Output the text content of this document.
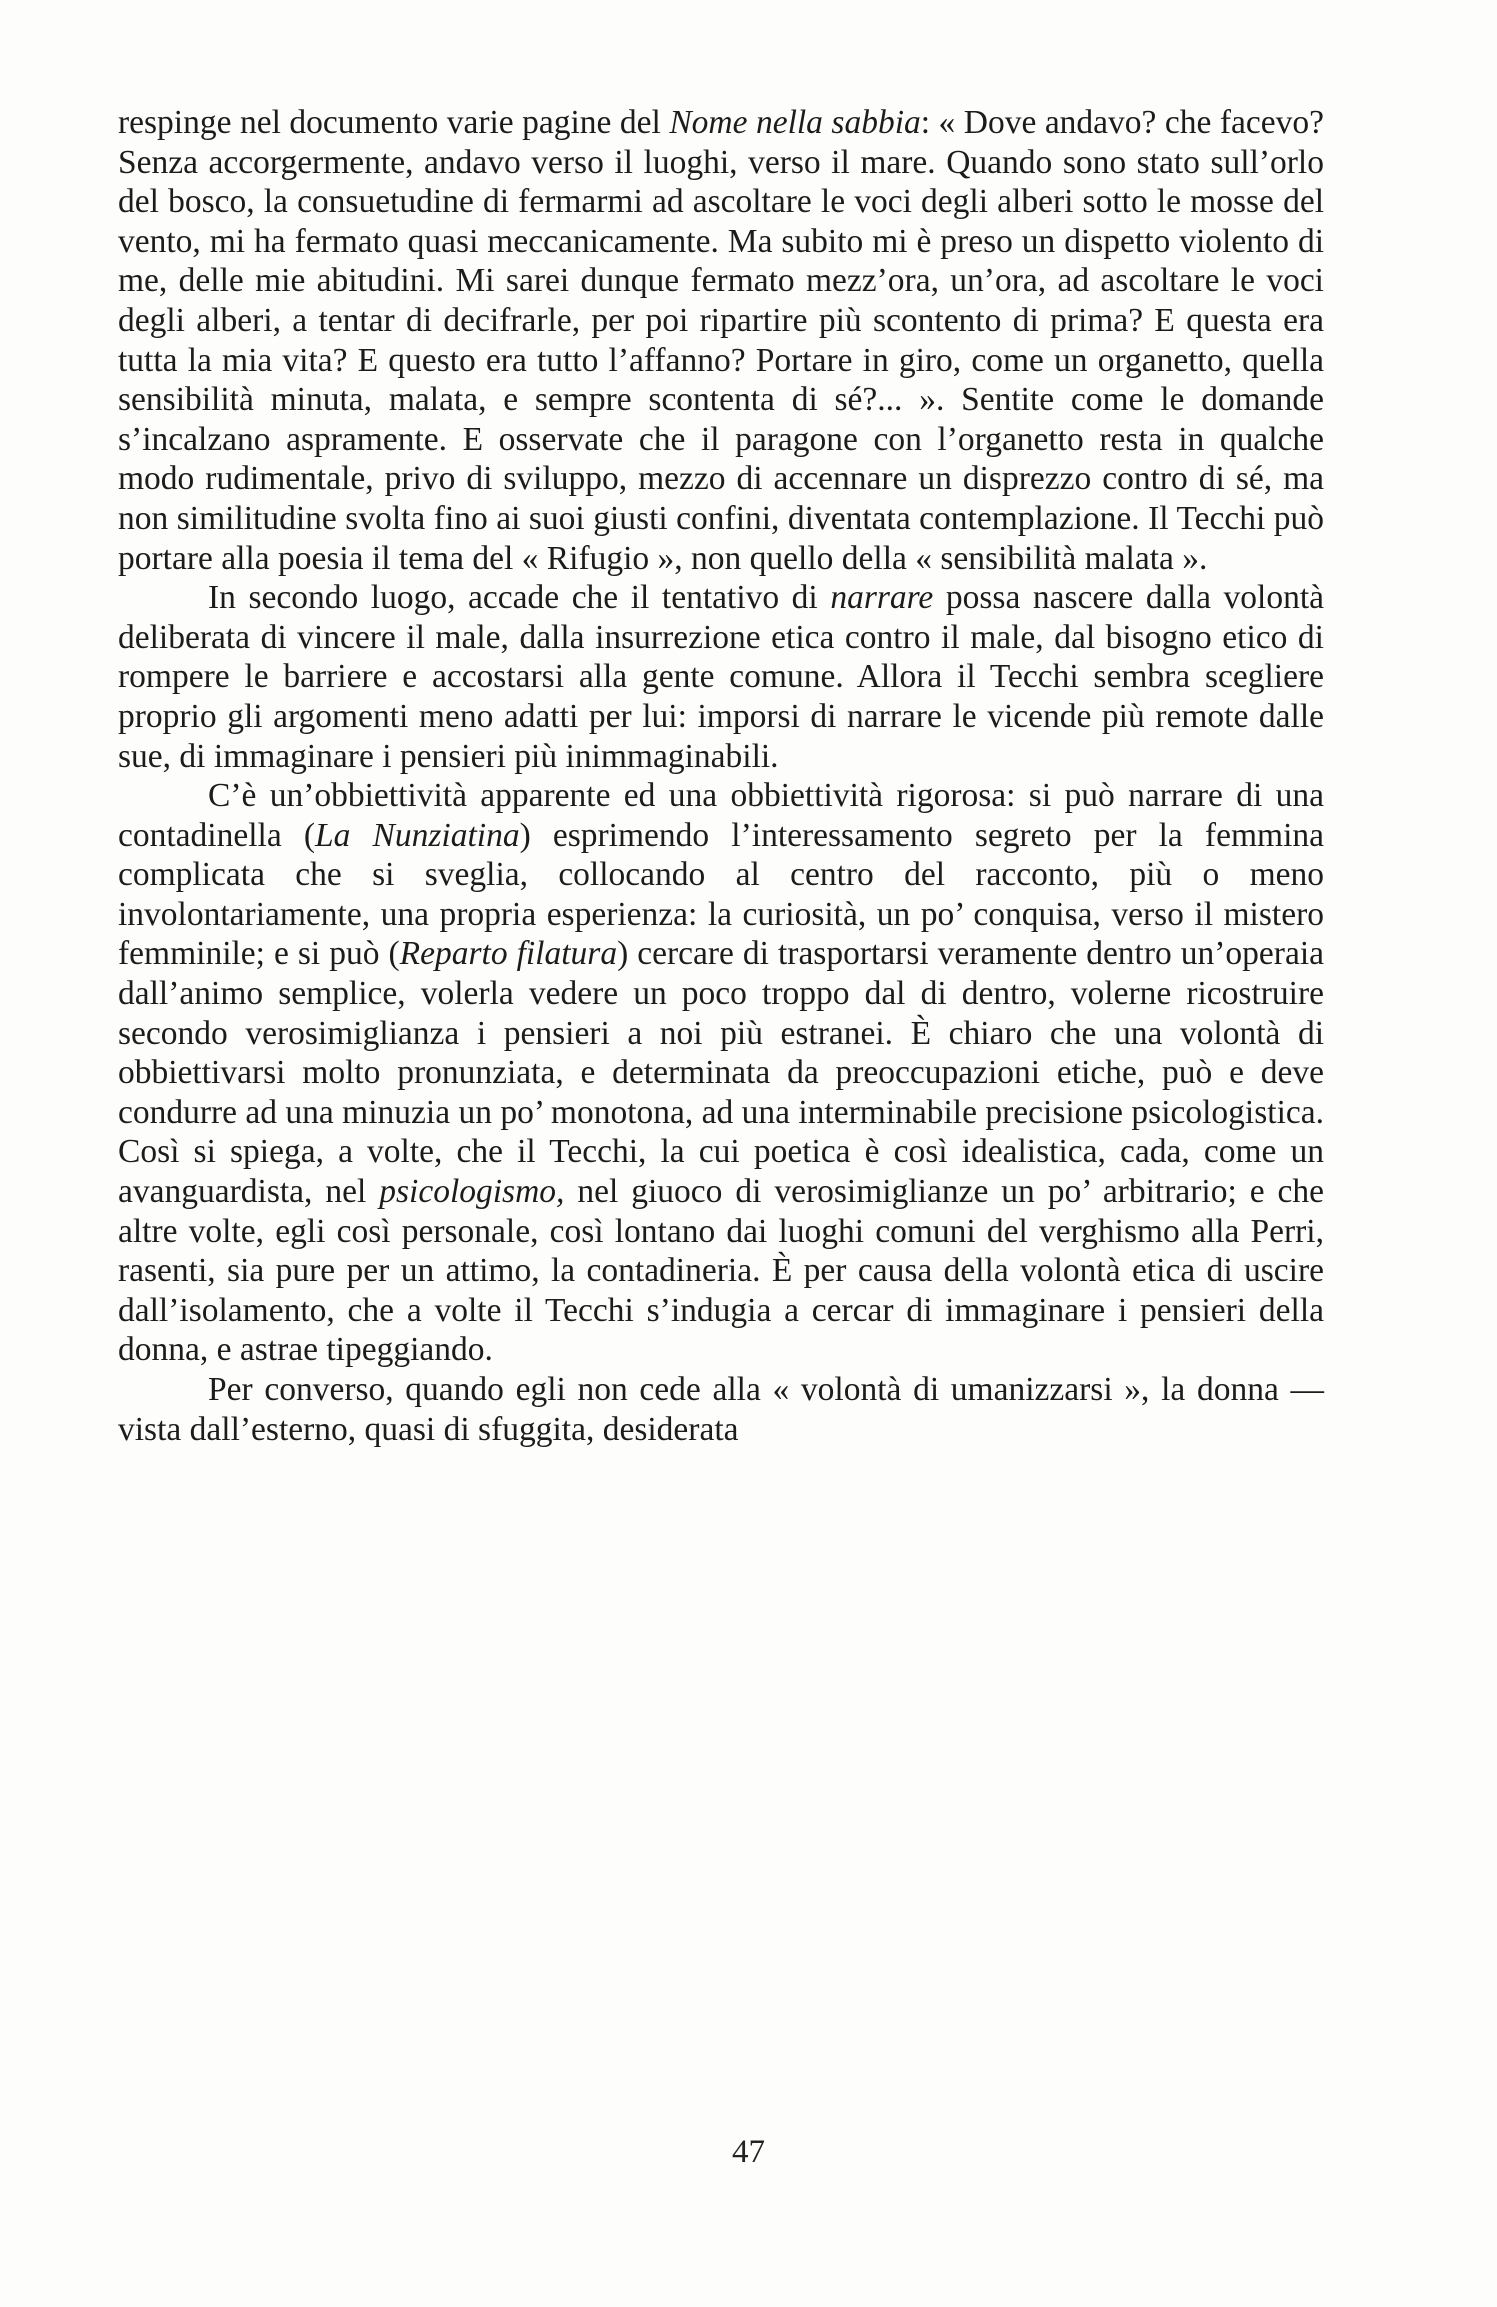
respinge nel documento varie pagine del Nome nella sabbia: « Dove andavo? che facevo? Senza accorgermente, andavo verso il luoghi, verso il mare. Quando sono stato sull’orlo del bosco, la consuetudine di fermarmi ad ascoltare le voci degli alberi sotto le mosse del vento, mi ha fermato quasi meccanicamente. Ma subito mi è preso un dispetto violento di me, delle mie abitudini. Mi sarei dunque fermato mezz’ora, un’ora, ad ascoltare le voci degli alberi, a tentar di decifrarle, per poi ripartire più scontento di prima? E questa era tutta la mia vita? E questo era tutto l’affanno? Portare in giro, come un organetto, quella sensibilità minuta, malata, e sempre scontenta di sé?... ». Sentite come le domande s’incalzano aspramente. E osservate che il paragone con l’organetto resta in qualche modo rudimentale, privo di sviluppo, mezzo di accennare un disprezzo contro di sé, ma non similitudine svolta fino ai suoi giusti confini, diventata contemplazione. Il Tecchi può portare alla poesia il tema del « Rifugio », non quello della « sensibilità malata ».

In secondo luogo, accade che il tentativo di narrare possa nascere dalla volontà deliberata di vincere il male, dalla insurrezione etica contro il male, dal bisogno etico di rompere le barriere e accostarsi alla gente comune. Allora il Tecchi sembra scegliere proprio gli argomenti meno adatti per lui: imporsi di narrare le vicende più remote dalle sue, di immaginare i pensieri più inimmaginabili.

C’è un’obbiettività apparente ed una obbiettività rigorosa: si può narrare di una contadinella (La Nunziatina) esprimendo l’interessamento segreto per la femmina complicata che si sveglia, collocando al centro del racconto, più o meno involontariamente, una propria esperienza: la curiosità, un po’ conquisa, verso il mistero femminile; e si può (Reparto filatura) cercare di trasportarsi veramente dentro un’operaia dall’animo semplice, volerla vedere un poco troppo dal di dentro, volerne ricostruire secondo verosimiglianza i pensieri a noi più estranei. È chiaro che una volontà di obbiettivarsi molto pronunziata, e determinata da preoccupazioni etiche, può e deve condurre ad una minuzia un po’ monotona, ad una interminabile precisione psicologistica. Così si spiega, a volte, che il Tecchi, la cui poetica è così idealistica, cada, come un avanguardista, nel psicologismo, nel giuoco di verosimiglianze un po’ arbitrario; e che altre volte, egli così personale, così lontano dai luoghi comuni del verghismo alla Perri, rasenti, sia pure per un attimo, la contadineria. È per causa della volontà etica di uscire dall’isolamento, che a volte il Tecchi s’indugia a cercar di immaginare i pensieri della donna, e astrae tipeggiando.

Per converso, quando egli non cede alla « volontà di umanizzarsi », la donna — vista dall’esterno, quasi di sfuggita, desiderata

47
